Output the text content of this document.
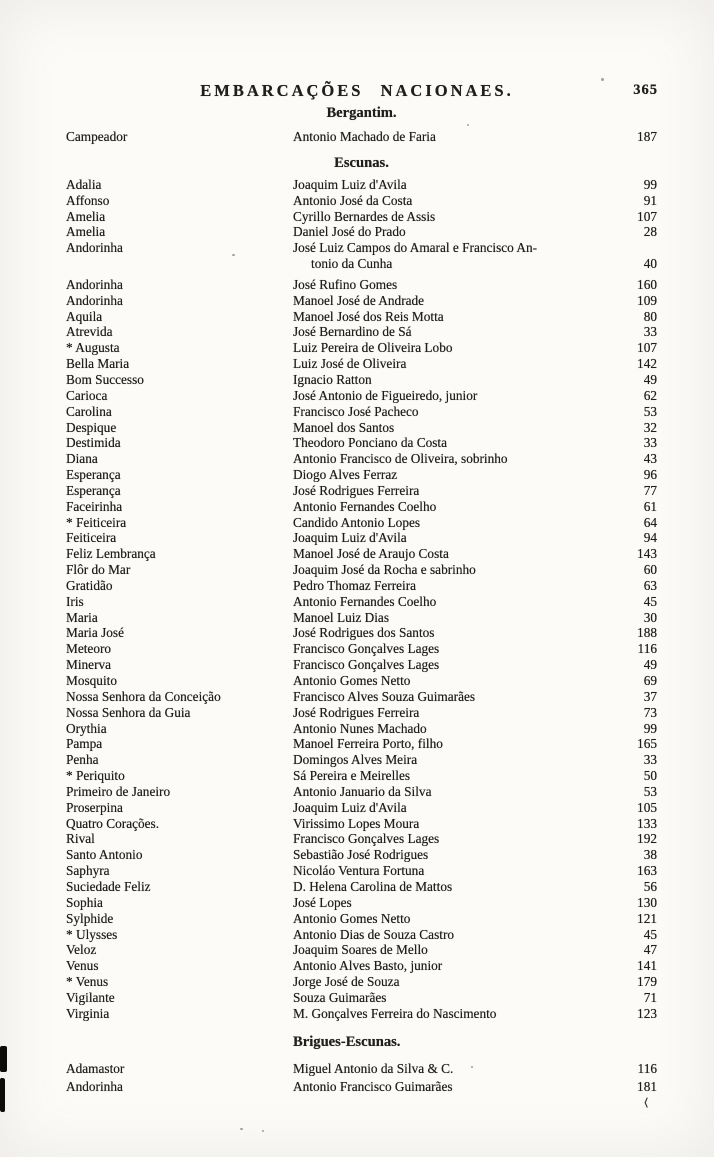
EMBARCAÇÕES NACIONAES.	365
Bergantim.
Campeador	Antonio Machado de Faria	187
Escunas.
Adalia	Joaquim Luiz d'Avila	99
Affonso	Antonio José da Costa	91
Amelia	Cyrillo Bernardes de Assis	107
Amelia	Daniel José do Prado	28
Andorinha	José Luiz Campos do Amaral e Francisco An-
tonio da Cunha	40
Andorinha	José Rufino Gomes	160
Andorinha	Manoel José de Andrade	109
Aquila	Manoel José dos Reis Motta	80
Atrevida	José Bernardino de Sá	33
* Augusta	Luiz Pereira de Oliveira Lobo	107
Bella Maria	Luiz José de Oliveira	142
Bom Successo	Ignacio Ratton	49
Carioca	José Antonio de Figueiredo, junior	62
Carolina	Francisco José Pacheco	53
Despique	Manoel dos Santos	32
Destimida	Theodoro Ponciano da Costa	33
Diana	Antonio Francisco de Oliveira, sobrinho	43
Esperança	Diogo Alves Ferraz	96
Esperança	José Rodrigues Ferreira	77
Faceirinha	Antonio Fernandes Coelho	61
* Feiticeira	Candido Antonio Lopes	64
Feiticeira	Joaquim Luiz d'Avila	94
Feliz Lembrança	Manoel José de Araujo Costa	143
Flôr do Mar	Joaquim José da Rocha e sabrinho	60
Gratidão	Pedro Thomaz Ferreira	63
Iris	Antonio Fernandes Coelho	45
Maria	Manoel Luiz Dias	30
Maria José	José Rodrigues dos Santos	188
Meteoro	Francisco Gonçalves Lages	116
Minerva	Francisco Gonçalves Lages	49
Mosquito	Antonio Gomes Netto	69
Nossa Senhora da Conceição	Francisco Alves Souza Guimarães	37
Nossa Senhora da Guia	José Rodrigues Ferreira	73
Orythia	Antonio Nunes Machado	99
Pampa	Manoel Ferreira Porto, filho	165
Penha	Domingos Alves Meira	33
* Periquito	Sá Pereira e Meirelles	50
Primeiro de Janeiro	Antonio Januario da Silva	53
Proserpina	Joaquim Luiz d'Avila	105
Quatro Corações.	Virissimo Lopes Moura	133
Rival	Francisco Gonçalves Lages	192
Santo Antonio	Sebastião José Rodrigues	38
Saphyra	Nicoláo Ventura Fortuna	163
Suciedade Feliz	D. Helena Carolina de Mattos	56
Sophia	José Lopes	130
Sylphide	Antonio Gomes Netto	121
* Ulysses	Antonio Dias de Souza Castro	45
Veloz	Joaquim Soares de Mello	47
Venus	Antonio Alves Basto, junior	141
* Venus	Jorge José de Souza	179
Vigilante	Souza Guimarães	71
Virginia	M. Gonçalves Ferreira do Nascimento	123
Brigues-Escunas.
Adamastor	Miguel Antonio da Silva & C.	116
Andorinha	Antonio Francisco Guimarães	181
⟨
